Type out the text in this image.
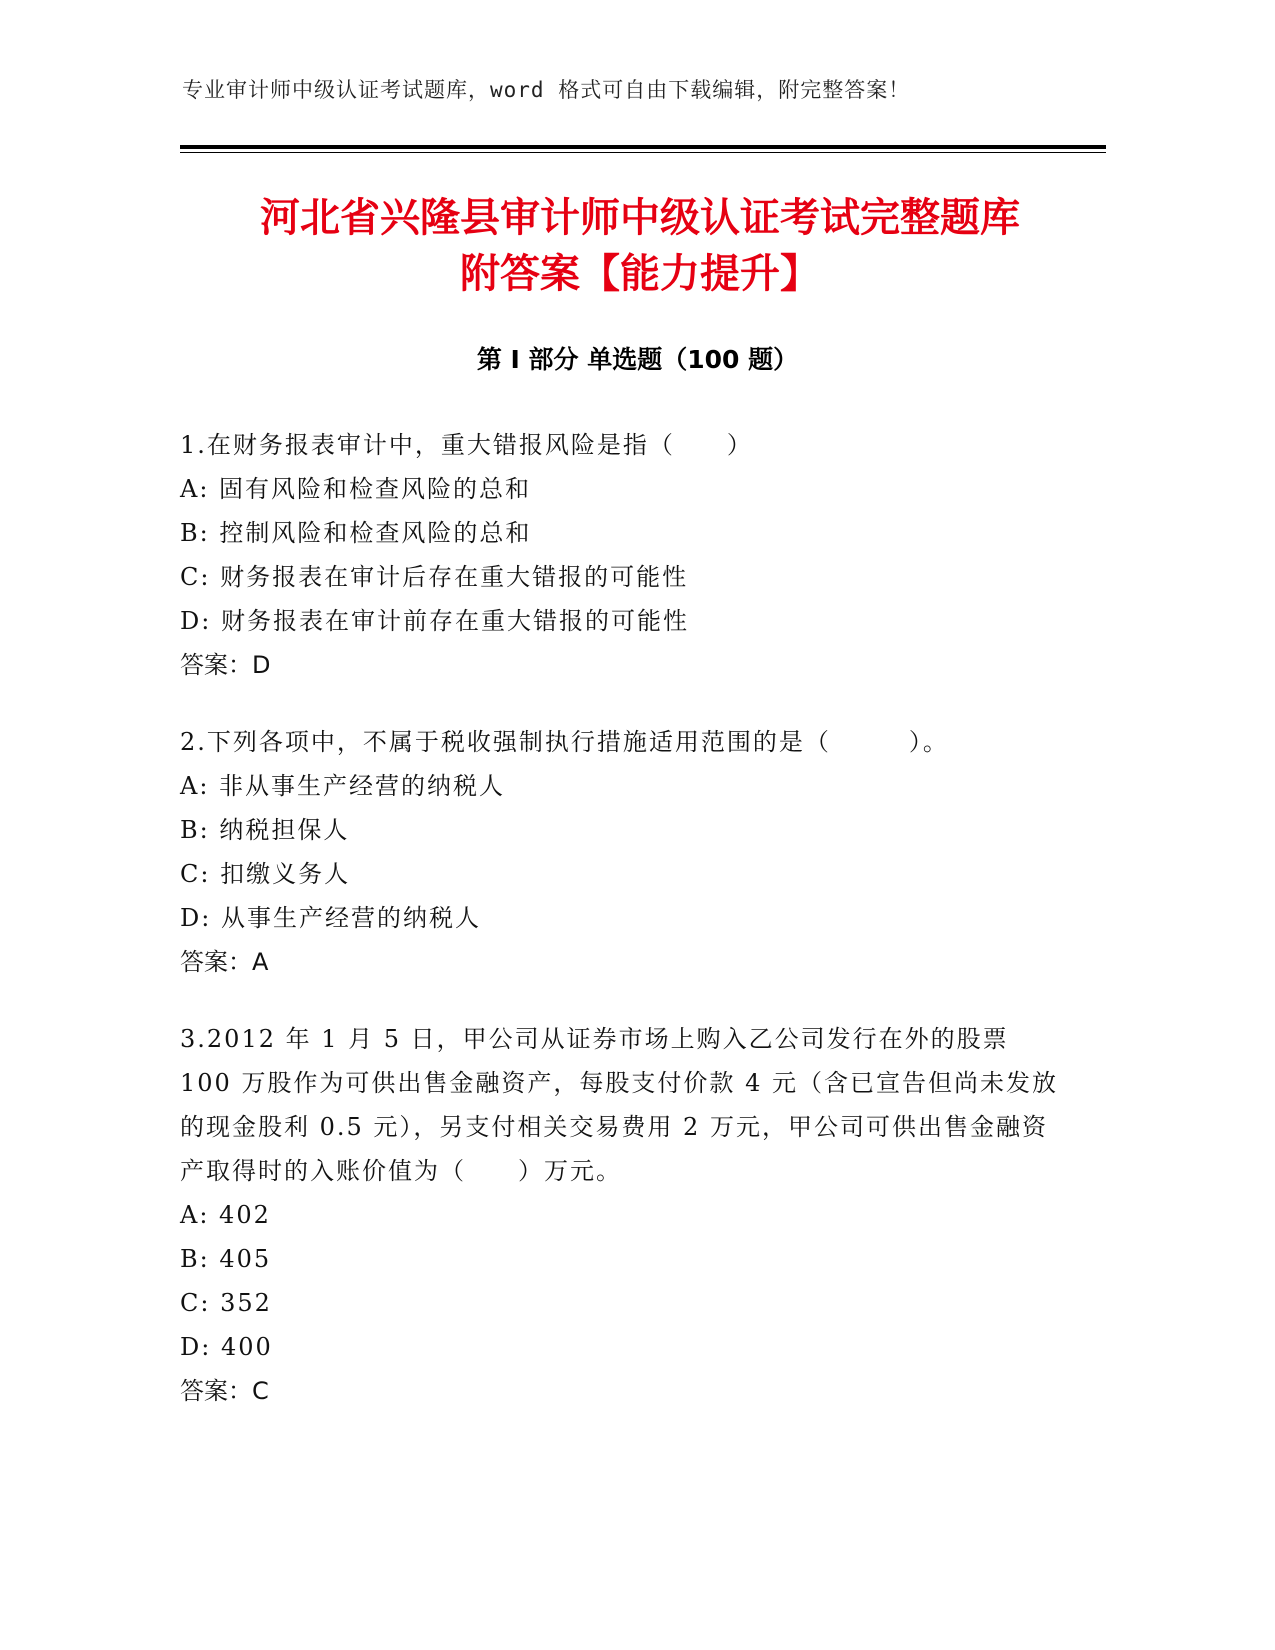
专业审计师中级认证考试题库，word 格式可自由下载编辑，附完整答案！
河北省兴隆县审计师中级认证考试完整题库
附答案【能力提升】
第 I 部分 单选题（100 题）

1.在财务报表审计中，重大错报风险是指（　　）

A: 固有风险和检查风险的总和

B: 控制风险和检查风险的总和

C: 财务报表在审计后存在重大错报的可能性

D: 财务报表在审计前存在重大错报的可能性

答案：D

2.下列各项中，不属于税收强制执行措施适用范围的是（　　　）。

A: 非从事生产经营的纳税人

B: 纳税担保人

C: 扣缴义务人

D: 从事生产经营的纳税人

答案：A

3.2012 年 1 月 5 日，甲公司从证券市场上购入乙公司发行在外的股票 100 万股作为可供出售金融资产，每股支付价款 4 元（含已宣告但尚未发放的现金股利 0.5 元），另支付相关交易费用 2 万元，甲公司可供出售金融资产取得时的入账价值为（　　）万元。

A: 402

B: 405

C: 352

D: 400

答案：C
